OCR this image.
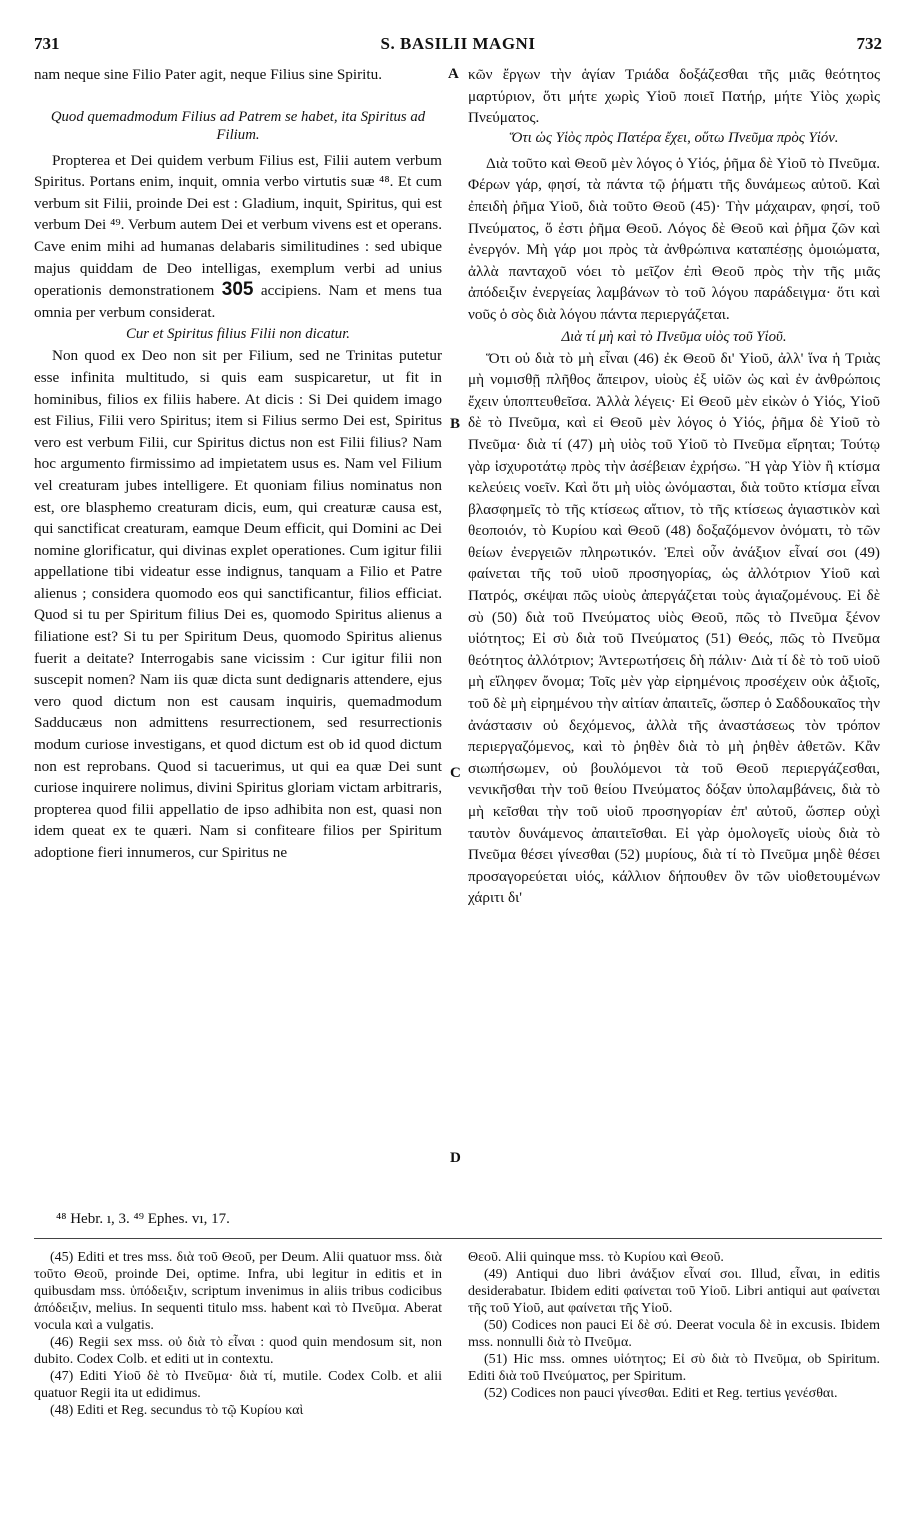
731	S. BASILII MAGNI	732
A
B
C
D

nam neque sine Filio Pater agit, neque Filius sine Spiritu.

Quod quemadmodum Filius ad Patrem se habet, ita Spiritus ad Filium.

Propterea et Dei quidem verbum Filius est, Filii autem verbum Spiritus. Portans enim, inquit, omnia verbo virtutis suæ ⁴⁸. Et cum verbum sit Filii, proinde Dei est : Gladium, inquit, Spiritus, qui est verbum Dei ⁴⁹. Verbum autem Dei et verbum vivens est et operans. Cave enim mihi ad humanas delabaris similitudines : sed ubique majus quiddam de Deo intelligas, exemplum verbi ad unius operationis demonstrationem 305 accipiens. Nam et mens tua omnia per verbum considerat.

Cur et Spiritus filius Filii non dicatur.

Non quod ex Deo non sit per Filium, sed ne Trinitas putetur esse infinita multitudo, si quis eam suspicaretur, ut fit in hominibus, filios ex filiis habere. At dicis : Si Dei quidem imago est Filius, Filii vero Spiritus; item si Filius sermo Dei est, Spiritus vero est verbum Filii, cur Spiritus dictus non est Filii filius? Nam hoc argumento firmissimo ad impietatem usus es. Nam vel Filium vel creaturam jubes intelligere. Et quoniam filius nominatus non est, ore blasphemo creaturam dicis, eum, qui creaturæ causa est, qui sanctificat creaturam, eamque Deum efficit, qui Domini ac Dei nomine glorificatur, qui divinas explet operationes. Cum igitur filii appellatione tibi videatur esse indignus, tanquam a Filio et Patre alienus ; considera quomodo eos qui sanctificantur, filios efficiat. Quod si tu per Spiritum filius Dei es, quomodo Spiritus alienus a filiatione est? Si tu per Spiritum Deus, quomodo Spiritus alienus fuerit a deitate? Interrogabis sane vicissim : Cur igitur filii non suscepit nomen? Nam iis quæ dicta sunt dedignaris attendere, ejus vero quod dictum non est causam inquiris, quemadmodum Sadducæus non admittens resurrectionem, sed resurrectionis modum curiose investigans, et quod dictum est ob id quod dictum non est reprobans. Quod si tacuerimus, ut qui ea quæ Dei sunt curiose inquirere nolimus, divini Spiritus gloriam victam arbitraris, propterea quod filii appellatio de ipso adhibita non est, quasi non idem queat ex te quæri. Nam si confiteare filios per Spiritum adoptione fieri innumeros, cur Spiritus ne

κῶν ἔργων τὴν ἁγίαν Τριάδα δοξάζεσθαι τῆς μιᾶς θεότητος μαρτύριον, ὅτι μήτε χωρὶς Υἱοῦ ποιεῖ Πατήρ, μήτε Υἱὸς χωρὶς Πνεύματος.

Ὅτι ὡς Υἱὸς πρὸς Πατέρα ἔχει, οὕτω Πνεῦμα πρὸς Υἱόν.

Διὰ τοῦτο καὶ Θεοῦ μὲν λόγος ὁ Υἱός, ῥῆμα δὲ Υἱοῦ τὸ Πνεῦμα. Φέρων γάρ, φησί, τὰ πάντα τῷ ῥήματι τῆς δυνάμεως αὐτοῦ. Καὶ ἐπειδὴ ῥῆμα Υἱοῦ, διὰ τοῦτο Θεοῦ (45)· Τὴν μάχαιραν, φησί, τοῦ Πνεύματος, ὅ ἐστι ῥῆμα Θεοῦ. Λόγος δὲ Θεοῦ καὶ ῥῆμα ζῶν καὶ ἐνεργόν. Μὴ γάρ μοι πρὸς τὰ ἀνθρώπινα καταπέσῃς ὁμοιώματα, ἀλλὰ πανταχοῦ νόει τὸ μεῖζον ἐπὶ Θεοῦ πρὸς τὴν τῆς μιᾶς ἀπόδειξιν ἐνεργείας λαμβάνων τὸ τοῦ λόγου παράδειγμα· ὅτι καὶ νοῦς ὁ σὸς διὰ λόγου πάντα περιεργάζεται.

Διὰ τί μὴ καὶ τὸ Πνεῦμα υἱὸς τοῦ Υἱοῦ.

Ὅτι οὐ διὰ τὸ μὴ εἶναι (46) ἐκ Θεοῦ δι' Υἱοῦ, ἀλλ' ἵνα ἡ Τριὰς μὴ νομισθῇ πλῆθος ἄπειρον, υἱοὺς ἐξ υἱῶν ὡς καὶ ἐν ἀνθρώποις ἔχειν ὑποπτευθεῖσα. Ἀλλὰ λέγεις· Εἰ Θεοῦ μὲν εἰκὼν ὁ Υἱός, Υἱοῦ δὲ τὸ Πνεῦμα, καὶ εἰ Θεοῦ μὲν λόγος ὁ Υἱός, ῥῆμα δὲ Υἱοῦ τὸ Πνεῦμα· διὰ τί (47) μὴ υἱὸς τοῦ Υἱοῦ τὸ Πνεῦμα εἴρηται; Τούτῳ γὰρ ἰσχυροτάτῳ πρὸς τὴν ἀσέβειαν ἐχρήσω. Ἢ γὰρ Υἱὸν ἢ κτίσμα κελεύεις νοεῖν. Καὶ ὅτι μὴ υἱὸς ὠνόμασται, διὰ τοῦτο κτίσμα εἶναι βλασφημεῖς τὸ τῆς κτίσεως αἴτιον, τὸ τῆς κτίσεως ἁγιαστικὸν καὶ θεοποιόν, τὸ Κυρίου καὶ Θεοῦ (48) δοξαζόμενον ὀνόματι, τὸ τῶν θείων ἐνεργειῶν πληρωτικόν. Ἐπεὶ οὖν ἀνάξιον εἶναί σοι (49) φαίνεται τῆς τοῦ υἱοῦ προσηγορίας, ὡς ἀλλότριον Υἱοῦ καὶ Πατρός, σκέψαι πῶς υἱοὺς ἀπεργάζεται τοὺς ἁγιαζομένους. Εἰ δὲ σὺ (50) διὰ τοῦ Πνεύματος υἱὸς Θεοῦ, πῶς τὸ Πνεῦμα ξένον υἱότητος; Εἰ σὺ διὰ τοῦ Πνεύματος (51) Θεός, πῶς τὸ Πνεῦμα θεότητος ἀλλότριον; Ἀντερωτήσεις δὴ πάλιν· Διὰ τί δὲ τὸ τοῦ υἱοῦ μὴ εἴληφεν ὄνομα; Τοῖς μὲν γὰρ εἰρημένοις προσέχειν οὐκ ἀξιοῖς, τοῦ δὲ μὴ εἰρημένου τὴν αἰτίαν ἀπαιτεῖς, ὥσπερ ὁ Σαδδουκαῖος τὴν ἀνάστασιν οὐ δεχόμενος, ἀλλὰ τῆς ἀναστάσεως τὸν τρόπον περιεργαζόμενος, καὶ τὸ ῥηθὲν διὰ τὸ μὴ ῥηθὲν ἀθετῶν. Κἂν σιωπήσωμεν, οὐ βουλόμενοι τὰ τοῦ Θεοῦ περιεργάζεσθαι, νενικῆσθαι τὴν τοῦ θείου Πνεύματος δόξαν ὑπολαμβάνεις, διὰ τὸ μὴ κεῖσθαι τὴν τοῦ υἱοῦ προσηγορίαν ἐπ' αὐτοῦ, ὥσπερ οὐχὶ ταυτὸν δυνάμενος ἀπαιτεῖσθαι. Εἰ γὰρ ὁμολογεῖς υἱοὺς διὰ τὸ Πνεῦμα θέσει γίνεσθαι (52) μυρίους, διὰ τί τὸ Πνεῦμα μηδὲ θέσει προσαγορεύεται υἱός, κάλλιον δήπουθεν ὂν τῶν υἱοθετουμένων χάριτι δι'

⁴⁸ Hebr. ı, 3. ⁴⁹ Ephes. vı, 17.

(45) Editi et tres mss. διὰ τοῦ Θεοῦ, per Deum. Alii quatuor mss. διὰ τοῦτο Θεοῦ, proinde Dei, optime. Infra, ubi legitur in editis et in quibusdam mss. ὑπόδειξιν, scriptum invenimus in aliis tribus codicibus ἀπόδειξιν, melius. In sequenti titulo mss. habent καὶ τὸ Πνεῦμα. Aberat vocula καὶ a vulgatis.

(46) Regii sex mss. οὐ διὰ τὸ εἶναι : quod quin mendosum sit, non dubito. Codex Colb. et editi ut in contextu.

(47) Editi Υἱοῦ δὲ τὸ Πνεῦμα· διὰ τί, mutile. Codex Colb. et alii quatuor Regii ita ut edidimus.

(48) Editi et Reg. secundus τὸ τῷ Κυρίου καὶ

Θεοῦ. Alii quinque mss. τὸ Κυρίου καὶ Θεοῦ.

(49) Antiqui duo libri ἀνάξιον εἶναί σοι. Illud, εἶναι, in editis desiderabatur. Ibidem editi φαίνεται τοῦ Υἱοῦ. Libri antiqui aut φαίνεται τῆς τοῦ Υἱοῦ, aut φαίνεται τῆς Υἱοῦ.

(50) Codices non pauci Εἰ δὲ σύ. Deerat vocula δὲ in excusis. Ibidem mss. nonnulli διὰ τὸ Πνεῦμα.

(51) Hic mss. omnes υἱότητος; Εἰ σὺ διὰ τὸ Πνεῦμα, ob Spiritum. Editi διὰ τοῦ Πνεύματος, per Spiritum.

(52) Codices non pauci γίνεσθαι. Editi et Reg. tertius γενέσθαι.
